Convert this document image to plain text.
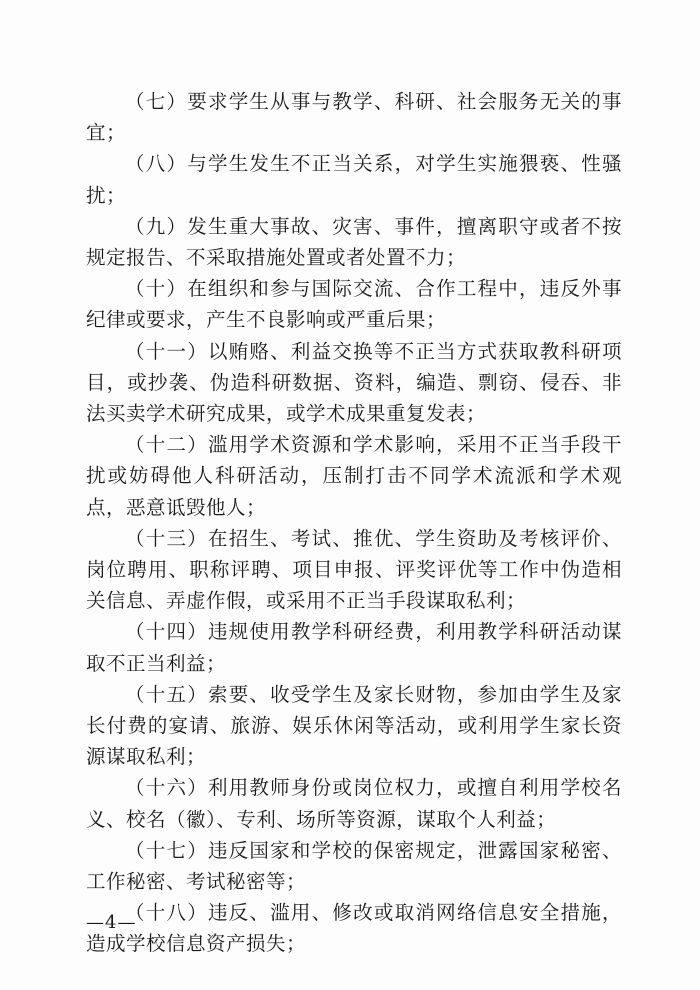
（七）要求学生从事与教学、科研、社会服务无关的事宜；

（八）与学生发生不正当关系，对学生实施猥亵、性骚扰；

（九）发生重大事故、灾害、事件，擅离职守或者不按规定报告、不采取措施处置或者处置不力；

（十）在组织和参与国际交流、合作工程中，违反外事纪律或要求，产生不良影响或严重后果；

（十一）以贿赂、利益交换等不正当方式获取教科研项目，或抄袭、伪造科研数据、资料，编造、剽窃、侵吞、非法买卖学术研究成果，或学术成果重复发表；

（十二）滥用学术资源和学术影响，采用不正当手段干扰或妨碍他人科研活动，压制打击不同学术流派和学术观点，恶意诋毁他人；

（十三）在招生、考试、推优、学生资助及考核评价、岗位聘用、职称评聘、项目申报、评奖评优等工作中伪造相关信息、弄虚作假，或采用不正当手段谋取私利；

（十四）违规使用教学科研经费，利用教学科研活动谋取不正当利益；

（十五）索要、收受学生及家长财物，参加由学生及家长付费的宴请、旅游、娱乐休闲等活动，或利用学生家长资源谋取私利；

（十六）利用教师身份或岗位权力，或擅自利用学校名义、校名（徽）、专利、场所等资源，谋取个人利益；

（十七）违反国家和学校的保密规定，泄露国家秘密、工作秘密、考试秘密等；

（十八）违反、滥用、修改或取消网络信息安全措施，造成学校信息资产损失；

—4—
